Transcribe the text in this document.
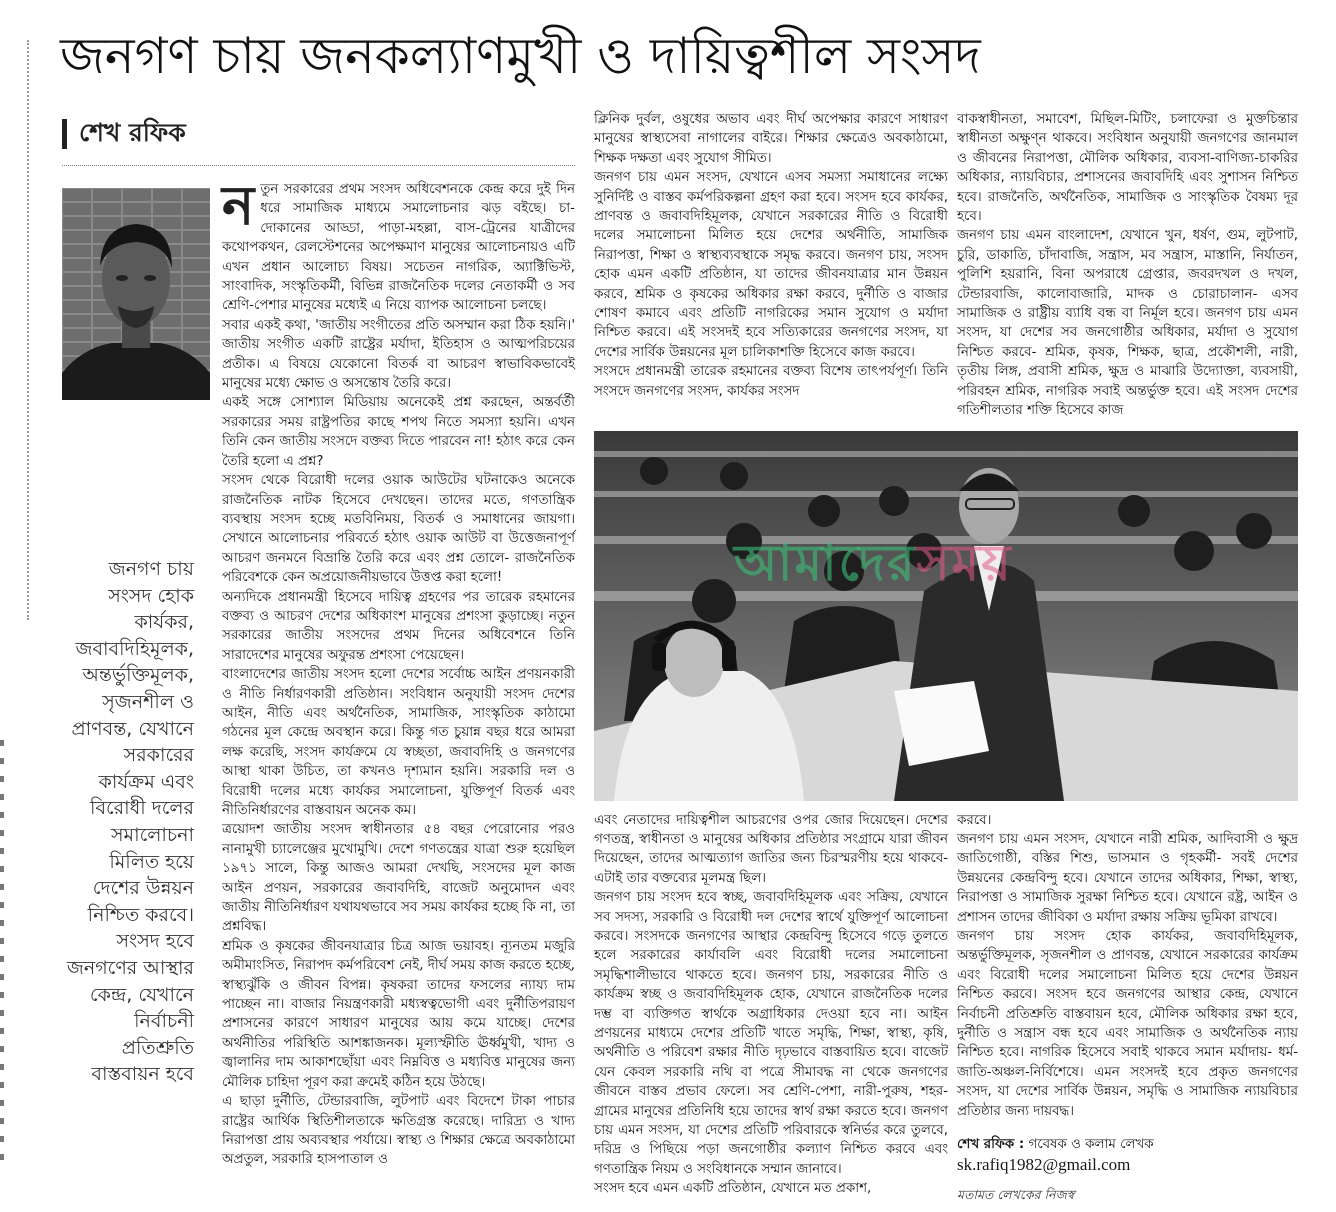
জনগণ চায় জনকল্যাণমুখী ও দায়িত্বশীল সংসদ
শেখ রফিক
জনগণ চায়
সংসদ হোক
কার্যকর,
জবাবদিহিমূলক,
অন্তর্ভুক্তিমূলক,
সৃজনশীল ও
প্রাণবন্ত, যেখানে
সরকারের
কার্যক্রম এবং
বিরোধী দলের
সমালোচনা
মিলিত হয়ে
দেশের উন্নয়ন
নিশ্চিত করবে।
সংসদ হবে
জনগণের আস্থার
কেন্দ্র, যেখানে
নির্বাচনী
প্রতিশ্রুতি
বাস্তবায়ন হবে

নতুন সরকারের প্রথম সংসদ অধিবেশনকে কেন্দ্র করে দুই দিন ধরে সামাজিক মাধ্যমে সমালোচনার ঝড় বইছে। চা-দোকানের আড্ডা, পাড়া-মহল্লা, বাস-ট্রেনের যাত্রীদের কথোপকথন, রেলস্টেশনের অপেক্ষমাণ মানুষের আলোচনায়ও এটি এখন প্রধান আলোচ্য বিষয়। সচেতন নাগরিক, অ্যাক্টিভিস্ট, সাংবাদিক, সংস্কৃতিকর্মী, বিভিন্ন রাজনৈতিক দলের নেতাকর্মী ও সব শ্রেণি-পেশার মানুষের মধ্যেই এ নিয়ে ব্যাপক আলোচনা চলছে।

সবার একই কথা, 'জাতীয় সংগীতের প্রতি অসম্মান করা ঠিক হয়নি।' জাতীয় সংগীত একটি রাষ্ট্রের মর্যাদা, ইতিহাস ও আত্মপরিচয়ের প্রতীক। এ বিষয়ে যেকোনো বিতর্ক বা আচরণ স্বাভাবিকভাবেই মানুষের মধ্যে ক্ষোভ ও অসন্তোষ তৈরি করে।

একই সঙ্গে সোশ্যাল মিডিয়ায় অনেকেই প্রশ্ন করছেন, অন্তর্বর্তী সরকারের সময় রাষ্ট্রপতির কাছে শপথ নিতে সমস্যা হয়নি। এখন তিনি কেন জাতীয় সংসদে বক্তব্য দিতে পারবেন না! হঠাৎ করে কেন তৈরি হলো এ প্রশ্ন?

সংসদ থেকে বিরোধী দলের ওয়াক আউটের ঘটনাকেও অনেকে রাজনৈতিক নাটক হিসেবে দেখছেন। তাদের মতে, গণতান্ত্রিক ব্যবস্থায় সংসদ হচ্ছে মতবিনিময়, বিতর্ক ও সমাধানের জায়গা। সেখানে আলোচনার পরিবর্তে হঠাৎ ওয়াক আউট বা উত্তেজনাপূর্ণ আচরণ জনমনে বিভ্রান্তি তৈরি করে এবং প্রশ্ন তোলে- রাজনৈতিক পরিবেশকে কেন অপ্রয়োজনীয়ভাবে উত্তপ্ত করা হলো!

অন্যদিকে প্রধানমন্ত্রী হিসেবে দায়িত্ব গ্রহণের পর তারেক রহমানের বক্তব্য ও আচরণ দেশের অধিকাংশ মানুষের প্রশংসা কুড়াচ্ছে। নতুন সরকারের জাতীয় সংসদের প্রথম দিনের অধিবেশনে তিনি সারাদেশের মানুষের অফুরন্ত প্রশংসা পেয়েছেন।

বাংলাদেশের জাতীয় সংসদ হলো দেশের সর্বোচ্চ আইন প্রণয়নকারী ও নীতি নির্ধারণকারী প্রতিষ্ঠান। সংবিধান অনুযায়ী সংসদ দেশের আইন, নীতি এবং অর্থনৈতিক, সামাজিক, সাংস্কৃতিক কাঠামো গঠনের মূল কেন্দ্রে অবস্থান করে। কিন্তু গত চুয়ান্ন বছর ধরে আমরা লক্ষ করেছি, সংসদ কার্যক্রমে যে স্বচ্ছতা, জবাবদিহি ও জনগণের আস্থা থাকা উচিত, তা কখনও দৃশ্যমান হয়নি। সরকারি দল ও বিরোধী দলের মধ্যে কার্যকর সমালোচনা, যুক্তিপূর্ণ বিতর্ক এবং নীতিনির্ধারণের বাস্তবায়ন অনেক কম।

ত্রয়োদশ জাতীয় সংসদ স্বাধীনতার ৫৪ বছর পেরোনোর পরও নানামুখী চ্যালেঞ্জের মুখোমুখি। দেশে গণতন্ত্রের যাত্রা শুরু হয়েছিল ১৯৭১ সালে, কিন্তু আজও আমরা দেখছি, সংসদের মূল কাজ আইন প্রণয়ন, সরকারের জবাবদিহি, বাজেট অনুমোদন এবং জাতীয় নীতিনির্ধারণ যথাযথভাবে সব সময় কার্যকর হচ্ছে কি না, তা প্রশ্নবিদ্ধ।

শ্রমিক ও কৃষকের জীবনযাত্রার চিত্র আজ ভয়াবহ। ন্যূনতম মজুরি অমীমাংসিত, নিরাপদ কর্মপরিবেশ নেই, দীর্ঘ সময় কাজ করতে হচ্ছে, স্বাস্থ্যঝুঁকি ও জীবন বিপন্ন। কৃষকরা তাদের ফসলের ন্যায্য দাম পাচ্ছেন না। বাজার নিয়ন্ত্রণকারী মধ্যস্বত্বভোগী এবং দুর্নীতিপরায়ণ প্রশাসনের কারণে সাধারণ মানুষের আয় কমে যাচ্ছে। দেশের অর্থনীতির পরিস্থিতি আশঙ্কাজনক। মূল্যস্ফীতি ঊর্ধ্বমুখী, খাদ্য ও জ্বালানির দাম আকাশছোঁয়া এবং নিম্নবিত্ত ও মধ্যবিত্ত মানুষের জন্য মৌলিক চাহিদা পূরণ করা ক্রমেই কঠিন হয়ে উঠছে।

এ ছাড়া দুর্নীতি, টেন্ডারবাজি, লুটপাট এবং বিদেশে টাকা পাচার রাষ্ট্রের আর্থিক স্থিতিশীলতাকে ক্ষতিগ্রস্ত করেছে। দারিদ্র্য ও খাদ্য নিরাপত্তা প্রায় অব্যবস্থার পর্যায়ে। স্বাস্থ্য ও শিক্ষার ক্ষেত্রে অবকাঠামো অপ্রতুল, সরকারি হাসপাতাল ও

ক্লিনিক দুর্বল, ওষুধের অভাব এবং দীর্ঘ অপেক্ষার কারণে সাধারণ মানুষের স্বাস্থ্যসেবা নাগালের বাইরে। শিক্ষার ক্ষেত্রেও অবকাঠামো, শিক্ষক দক্ষতা এবং সুযোগ সীমিত।

জনগণ চায় এমন সংসদ, যেখানে এসব সমস্যা সমাধানের লক্ষ্যে সুনির্দিষ্ট ও বাস্তব কর্মপরিকল্পনা গ্রহণ করা হবে। সংসদ হবে কার্যকর, প্রাণবন্ত ও জবাবদিহিমূলক, যেখানে সরকারের নীতি ও বিরোধী দলের সমালোচনা মিলিত হয়ে দেশের অর্থনীতি, সামাজিক নিরাপত্তা, শিক্ষা ও স্বাস্থ্যব্যবস্থাকে সমৃদ্ধ করবে। জনগণ চায়, সংসদ হোক এমন একটি প্রতিষ্ঠান, যা তাদের জীবনযাত্রার মান উন্নয়ন করবে, শ্রমিক ও কৃষকের অধিকার রক্ষা করবে, দুর্নীতি ও বাজার শোষণ কমাবে এবং প্রতিটি নাগরিকের সমান সুযোগ ও মর্যাদা নিশ্চিত করবে। এই সংসদই হবে সত্যিকারের জনগণের সংসদ, যা দেশের সার্বিক উন্নয়নের মূল চালিকাশক্তি হিসেবে কাজ করবে।

সংসদে প্রধানমন্ত্রী তারেক রহমানের বক্তব্য বিশেষ তাৎপর্যপূর্ণ। তিনি সংসদে জনগণের সংসদ, কার্যকর সংসদ

বাকস্বাধীনতা, সমাবেশ, মিছিল-মিটিং, চলাফেরা ও মুক্তচিন্তার স্বাধীনতা অক্ষুণ্ন থাকবে। সংবিধান অনুযায়ী জনগণের জানমাল ও জীবনের নিরাপত্তা, মৌলিক অধিকার, ব্যবসা-বাণিজ্য-চাকরির অধিকার, ন্যায়বিচার, প্রশাসনের জবাবদিহি এবং সুশাসন নিশ্চিত হবে। রাজনৈতি, অর্থনৈতিক, সামাজিক ও সাংস্কৃতিক বৈষম্য দূর হবে।

জনগণ চায় এমন বাংলাদেশ, যেখানে খুন, ধর্ষণ, গুম, লুটপাট, চুরি, ডাকাতি, চাঁদাবাজি, সন্ত্রাস, মব সন্ত্রাস, মাস্তানি, নির্যাতন, পুলিশি হয়রানি, বিনা অপরাধে গ্রেপ্তার, জবরদখল ও দখল, টেন্ডারবাজি, কালোবাজারি, মাদক ও চোরাচালান- এসব সামাজিক ও রাষ্ট্রীয় ব্যাধি বন্ধ বা নির্মূল হবে। জনগণ চায় এমন সংসদ, যা দেশের সব জনগোষ্ঠীর অধিকার, মর্যাদা ও সুযোগ নিশ্চিত করবে- শ্রমিক, কৃষক, শিক্ষক, ছাত্র, প্রকৌশলী, নারী, তৃতীয় লিঙ্গ, প্রবাসী শ্রমিক, ক্ষুদ্র ও মাঝারি উদ্যোক্তা, ব্যবসায়ী, পরিবহন শ্রমিক, নাগরিক সবাই অন্তর্ভুক্ত হবে। এই সংসদ দেশের গতিশীলতার শক্তি হিসেবে কাজ

আমাদেরসময়

এবং নেতাদের দায়িত্বশীল আচরণের ওপর জোর দিয়েছেন। দেশের গণতন্ত্র, স্বাধীনতা ও মানুষের অধিকার প্রতিষ্ঠার সংগ্রামে যারা জীবন দিয়েছেন, তাদের আত্মত্যাগ জাতির জন্য চিরস্মরণীয় হয়ে থাকবে- এটাই তার বক্তব্যের মূলমন্ত্র ছিল।

জনগণ চায় সংসদ হবে স্বচ্ছ, জবাবদিহিমূলক এবং সক্রিয়, যেখানে সব সদস্য, সরকারি ও বিরোধী দল দেশের স্বার্থে যুক্তিপূর্ণ আলোচনা করবে। সংসদকে জনগণের আস্থার কেন্দ্রবিন্দু হিসেবে গড়ে তুলতে হলে সরকারের কার্যাবলি এবং বিরোধী দলের সমালোচনা সমৃদ্ধিশালীভাবে থাকতে হবে। জনগণ চায়, সরকারের নীতি ও কার্যক্রম স্বচ্ছ ও জবাবদিহিমূলক হোক, যেখানে রাজনৈতিক দলের দম্ভ বা ব্যক্তিগত স্বার্থকে অগ্রাধিকার দেওয়া হবে না। আইন প্রণয়নের মাধ্যমে দেশের প্রতিটি খাতে সমৃদ্ধি, শিক্ষা, স্বাস্থ্য, কৃষি, অর্থনীতি ও পরিবেশ রক্ষার নীতি দৃঢ়ভাবে বাস্তবায়িত হবে। বাজেট যেন কেবল সরকারি নথি বা পত্রে সীমাবদ্ধ না থেকে জনগণের জীবনে বাস্তব প্রভাব ফেলে। সব শ্রেণি-পেশা, নারী-পুরুষ, শহর-গ্রামের মানুষের প্রতিনিধি হয়ে তাদের স্বার্থ রক্ষা করতে হবে। জনগণ চায় এমন সংসদ, যা দেশের প্রতিটি পরিবারকে স্বনির্ভর করে তুলবে, দরিদ্র ও পিছিয়ে পড়া জনগোষ্ঠীর কল্যাণ নিশ্চিত করবে এবং গণতান্ত্রিক নিয়ম ও সংবিধানকে সম্মান জানাবে।

সংসদ হবে এমন একটি প্রতিষ্ঠান, যেখানে মত প্রকাশ,

করবে।

জনগণ চায় এমন সংসদ, যেখানে নারী শ্রমিক, আদিবাসী ও ক্ষুদ্র জাতিগোষ্ঠী, বস্তির শিশু, ভাসমান ও গৃহকর্মী- সবই দেশের উন্নয়নের কেন্দ্রবিন্দু হবে। যেখানে তাদের অধিকার, শিক্ষা, স্বাস্থ্য, নিরাপত্তা ও সামাজিক সুরক্ষা নিশ্চিত হবে। যেখানে রষ্ট্র, আইন ও প্রশাসন তাদের জীবিকা ও মর্যাদা রক্ষায় সক্রিয় ভূমিকা রাখবে।

জনগণ চায় সংসদ হোক কার্যকর, জবাবদিহিমূলক, অন্তর্ভুক্তিমূলক, সৃজনশীল ও প্রাণবন্ত, যেখানে সরকারের কার্যক্রম এবং বিরোধী দলের সমালোচনা মিলিত হয়ে দেশের উন্নয়ন নিশ্চিত করবে। সংসদ হবে জনগণের আস্থার কেন্দ্র, যেখানে নির্বাচনী প্রতিশ্রুতি বাস্তবায়ন হবে, মৌলিক অধিকার রক্ষা হবে, দুর্নীতি ও সন্ত্রাস বন্ধ হবে এবং সামাজিক ও অর্থনৈতিক ন্যায় নিশ্চিত হবে। নাগরিক হিসেবে সবাই থাকবে সমান মর্যাদায়- ধর্ম-জাতি-অঞ্চল-নির্বিশেষে। এমন সংসদই হবে প্রকৃত জনগণের সংসদ, যা দেশের সার্বিক উন্নয়ন, সমৃদ্ধি ও সামাজিক ন্যায়বিচার প্রতিষ্ঠার জন্য দায়বদ্ধ।

শেখ রফিক : গবেষক ও কলাম লেখক
sk.rafiq1982@gmail.com
মতামত লেখকের নিজস্ব
